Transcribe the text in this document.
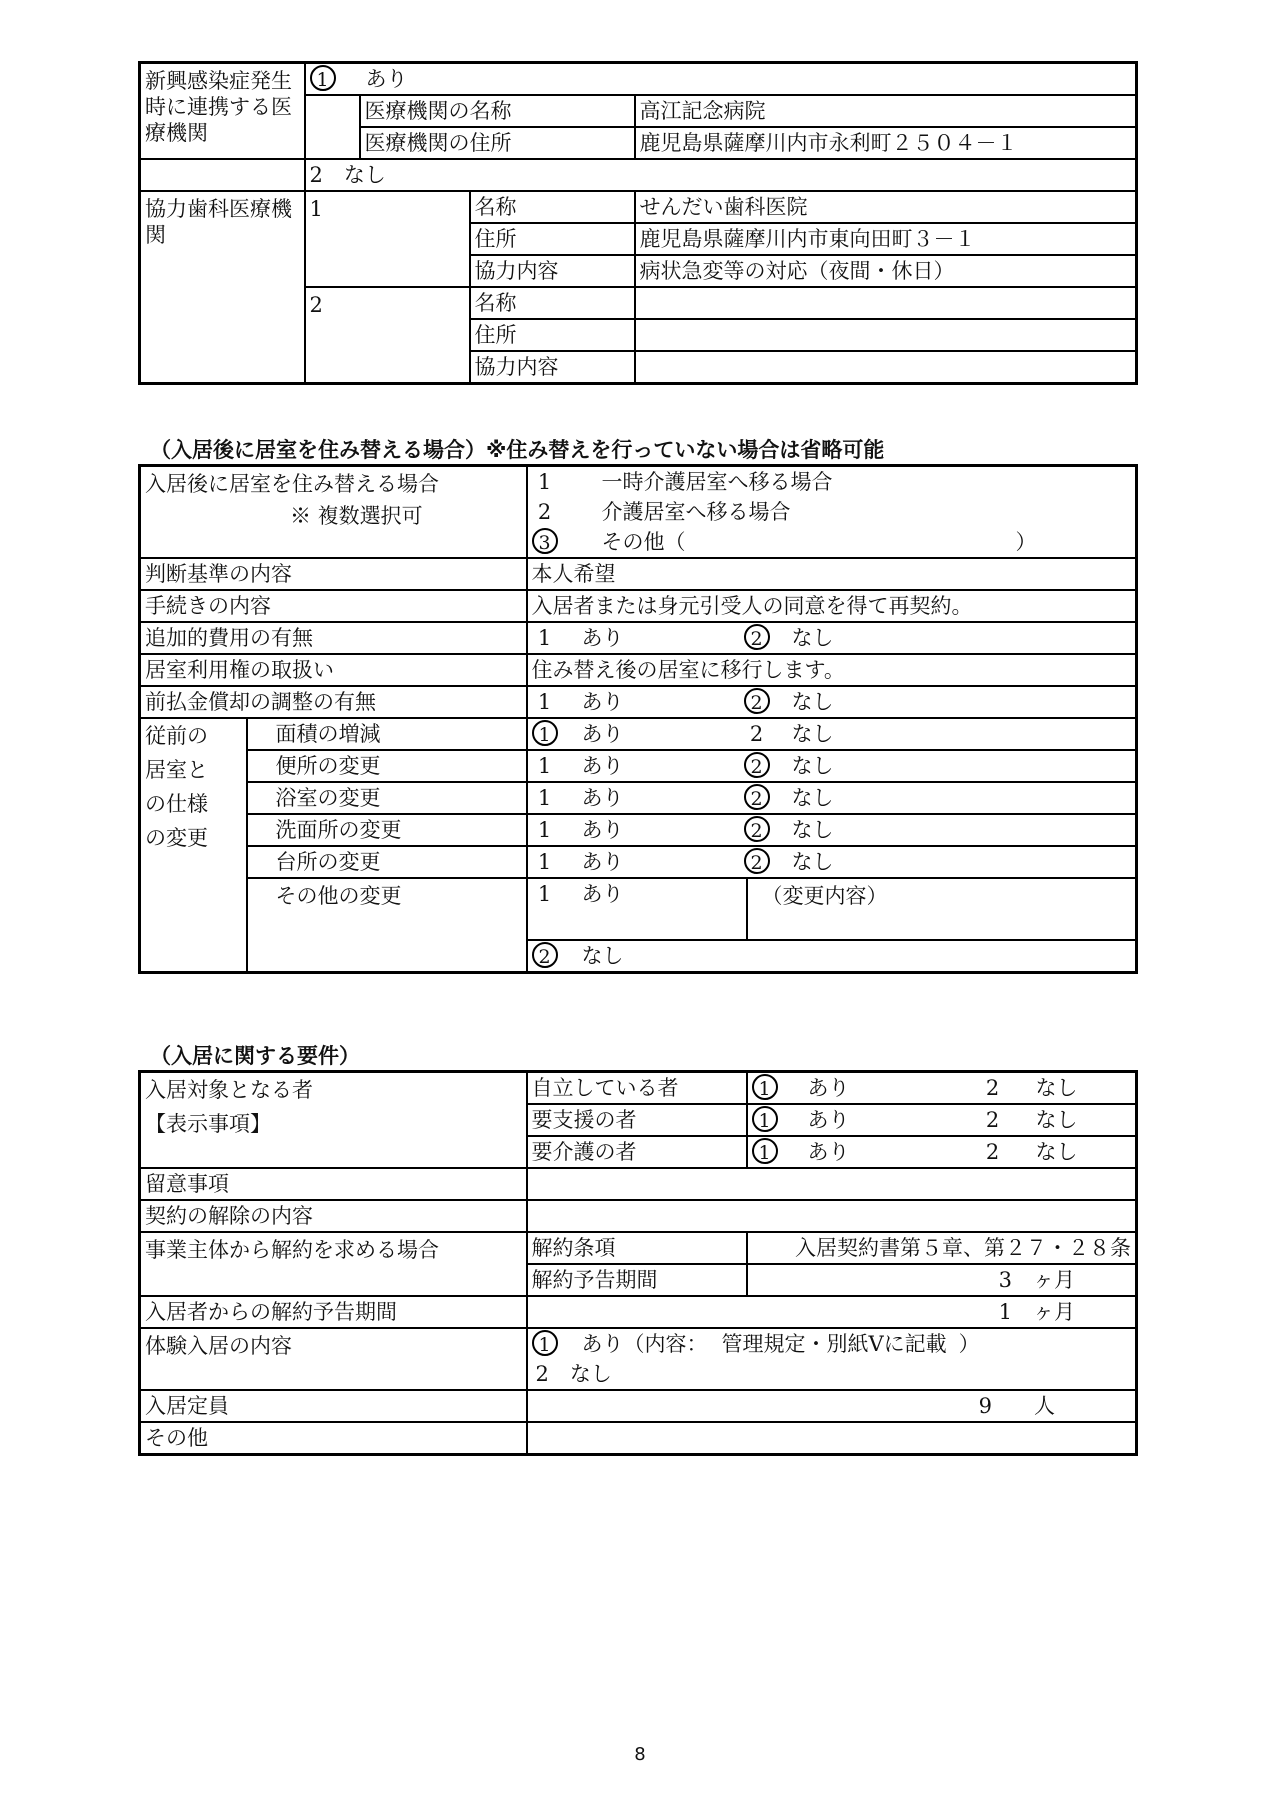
新興感染症発生時に連携する医療機関	1 あり			
		医療機関の名称		高江記念病院
		医療機関の住所		鹿児島県薩摩川内市永利町２５０４－１
	2　なし			
協力歯科医療機関	1		名称	せんだい歯科医院
			住所	鹿児島県薩摩川内市東向田町３－１
			協力内容	病状急変等の対応（夜間・休日）
	2		名称	
			住所	
			協力内容	
（入居後に居室を住み替える場合）※住み替えを行っていない場合は省略可能
入居後に居室を住み替える場合
※ 複数選択可		1 一時介護居室へ移る場合	
		2 介護居室へ移る場合	
		3 その他（ ）	
判断基準の内容		本人希望	
手続きの内容		入居者または身元引受人の同意を得て再契約。	
追加的費用の有無		1 あり 2 なし	
居室利用権の取扱い		住み替え後の居室に移行します。	
前払金償却の調整の有無		1 あり 2 なし	

従前の
居室と
の仕様
の変更	面積の増減	1 あり 2 なし	
	便所の変更	1 あり 2 なし	
	浴室の変更	1 あり 2 なし	
	洗面所の変更	1 あり 2 なし	
	台所の変更	1 あり 2 なし	
	その他の変更	1 あり	（変更内容）

		2 なし	
（入居に関する要件）
入居対象となる者
【表示事項】	自立している者	1 あり 2 なし
	要支援の者	1 あり 2 なし
	要介護の者	1 あり 2 なし
留意事項		
契約の解除の内容		
事業主体から解約を求める場合	解約条項	入居契約書第５章、第２７・２８条
	解約予告期間	3　ヶ月
入居者からの解約予告期間	1　ヶ月	
体験入居の内容	1 あり（内容： 管理規定・別紙Ⅴに記載 ）	
	2　なし	
入居定員	9　　人	
その他		
8
